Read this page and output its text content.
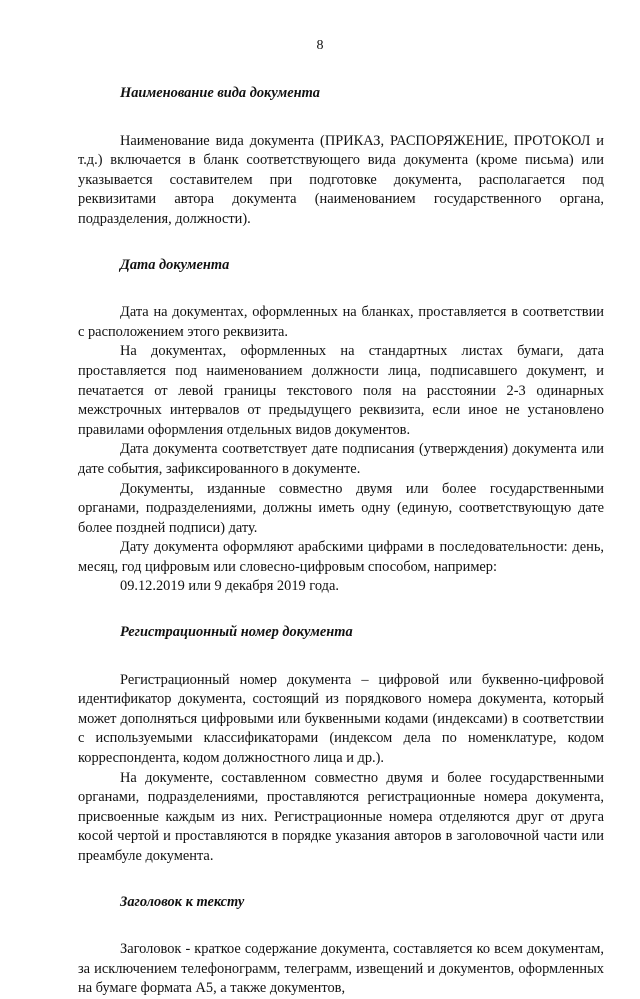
8
Наименование вида документа
Наименование вида документа (ПРИКАЗ, РАСПОРЯЖЕНИЕ, ПРОТОКОЛ и т.д.) включается в бланк соответствующего вида документа (кроме письма) или указывается составителем при подготовке документа, располагается под реквизитами автора документа (наименованием государственного органа, подразделения, должности).
Дата документа
Дата на документах, оформленных на бланках, проставляется в соответствии с расположением этого реквизита.
На документах, оформленных на стандартных листах бумаги, дата проставляется под наименованием должности лица, подписавшего документ, и печатается от левой границы текстового поля на расстоянии 2-3 одинарных межстрочных интервалов от предыдущего реквизита, если иное не установлено правилами оформления отдельных видов документов.
Дата документа соответствует дате подписания (утверждения) документа или дате события, зафиксированного в документе.
Документы, изданные совместно двумя или более государственными органами, подразделениями, должны иметь одну (единую, соответствующую дате более поздней подписи) дату.
Дату документа оформляют арабскими цифрами в последовательности: день, месяц, год цифровым или словесно-цифровым способом, например:
09.12.2019 или 9 декабря 2019 года.
Регистрационный номер документа
Регистрационный номер документа – цифровой или буквенно-цифровой идентификатор документа, состоящий из порядкового номера документа, который может дополняться цифровыми или буквенными кодами (индексами) в соответствии с используемыми классификаторами (индексом дела по номенклатуре, кодом корреспондента, кодом должностного лица и др.).
На документе, составленном совместно двумя и более государственными органами, подразделениями, проставляются регистрационные номера документа, присвоенные каждым из них. Регистрационные номера отделяются друг от друга косой чертой и проставляются в порядке указания авторов в заголовочной части или преамбуле документа.
Заголовок к тексту
Заголовок - краткое содержание документа, составляется ко всем документам, за исключением телефонограмм, телеграмм, извещений и документов, оформленных на бумаге формата А5, а также документов,
